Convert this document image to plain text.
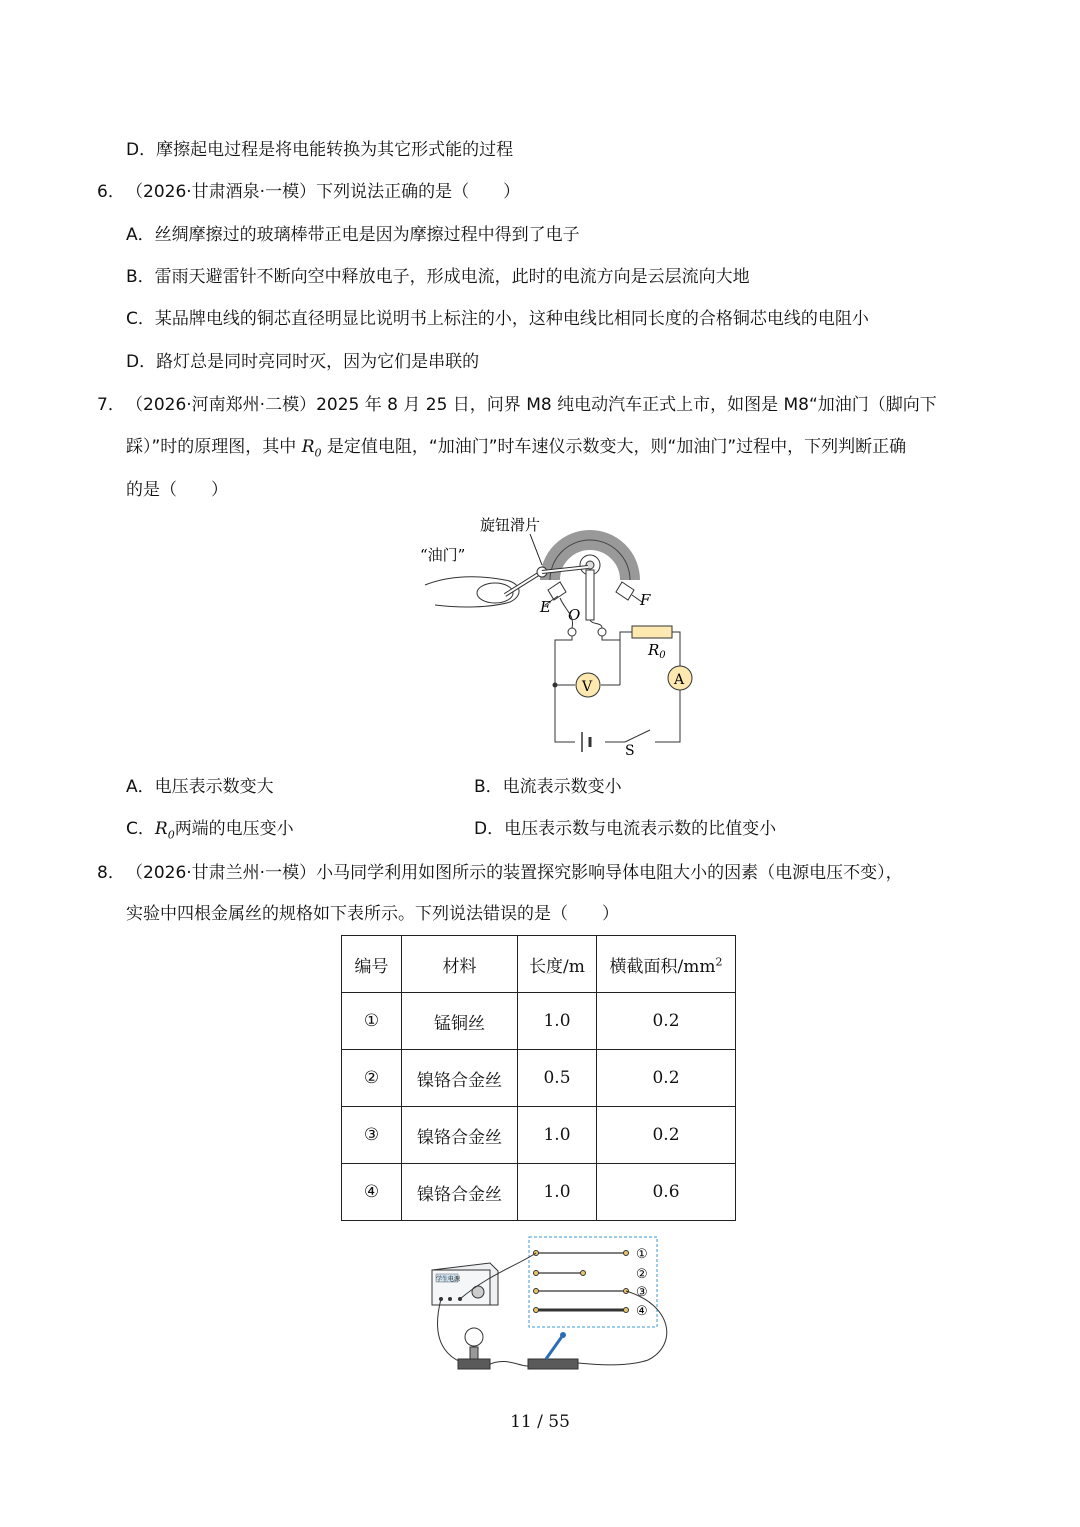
D．摩擦起电过程是将电能转换为其它形式能的过程
6． （2026·甘肃酒泉·一模）下列说法正确的是（　　）
A．丝绸摩擦过的玻璃棒带正电是因为摩擦过程中得到了电子
B．雷雨天避雷针不断向空中释放电子，形成电流，此时的电流方向是云层流向大地
C．某品牌电线的铜芯直径明显比说明书上标注的小，这种电线比相同长度的合格铜芯电线的电阻小
D．路灯总是同时亮同时灭，因为它们是串联的
7． （2026·河南郑州·二模）2025 年 8 月 25 日，问界 M8 纯电动汽车正式上市，如图是 M8“加油门（脚向下
踩）”时的原理图，其中 $R_0$ 是定值电阻，“加油门”时车速仪示数变大，则“加油门”过程中，下列判断正确
的是（　　）
旋钮滑片
“油门”
E O
F
$R_0$
V	A
S
A．电压表示数变大	B．电流表示数变小
C．$R_0$两端的电压变小	D．电压表示数与电流表示数的比值变小
8． （2026·甘肃兰州·一模）小马同学利用如图所示的装置探究影响导体电阻大小的因素（电源电压不变），
实验中四根金属丝的规格如下表所示。下列说法错误的是（　　）
编号	材料	长度/m	横截面积$/mm^2$
①	锰铜丝	1.0	0.2
②	镍铬合金丝	0.5	0.2
③	镍铬合金丝	1.0	0.2
④	镍铬合金丝	1.0	0.6
①
②
③
④
学生电源
11 / 55
